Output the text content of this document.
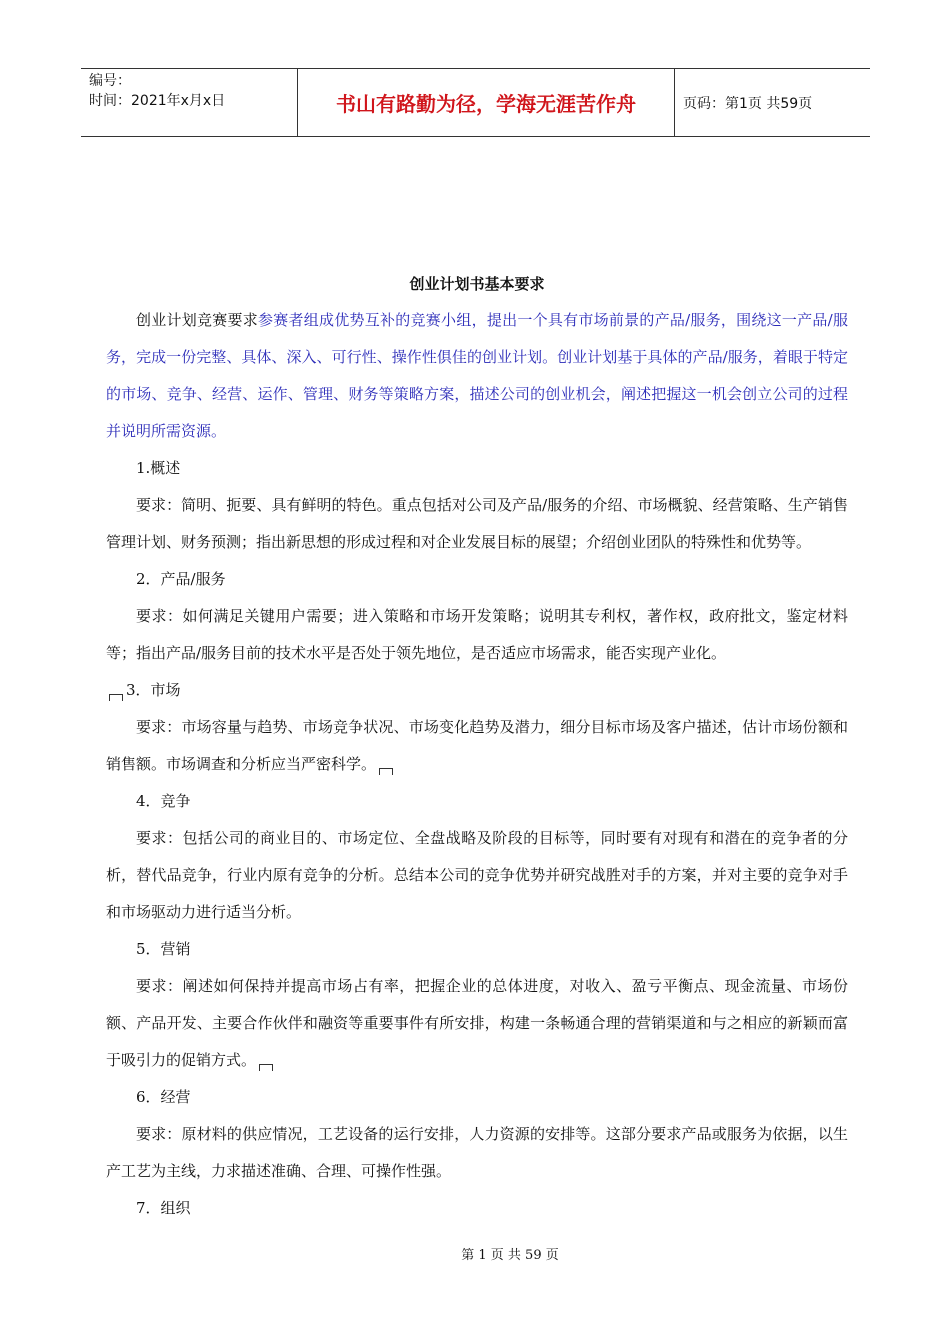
编号：
时间：2021年x月x日	书山有路勤为径，学海无涯苦作舟	页码：第1页 共59页
创业计划书基本要求

创业计划竞赛要求参赛者组成优势互补的竞赛小组，提出一个具有市场前景的产品/服务，围绕这一产品/服务，完成一份完整、具体、深入、可行性、操作性俱佳的创业计划。创业计划基于具体的产品/服务，着眼于特定的市场、竞争、经营、运作、管理、财务等策略方案，描述公司的创业机会，阐述把握这一机会创立公司的过程并说明所需资源。

1.概述

要求：简明、扼要、具有鲜明的特色。重点包括对公司及产品/服务的介绍、市场概貌、经营策略、生产销售管理计划、财务预测；指出新思想的形成过程和对企业发展目标的展望；介绍创业团队的特殊性和优势等。

2．产品/服务

要求：如何满足关键用户需要；进入策略和市场开发策略；说明其专利权，著作权，政府批文，鉴定材料等；指出产品/服务目前的技术水平是否处于领先地位，是否适应市场需求，能否实现产业化。

3．市场

要求：市场容量与趋势、市场竞争状况、市场变化趋势及潜力，细分目标市场及客户描述，估计市场份额和销售额。市场调查和分析应当严密科学。

4．竞争

要求：包括公司的商业目的、市场定位、全盘战略及阶段的目标等，同时要有对现有和潜在的竞争者的分析，替代品竞争，行业内原有竞争的分析。总结本公司的竞争优势并研究战胜对手的方案，并对主要的竞争对手和市场驱动力进行适当分析。

5．营销

要求：阐述如何保持并提高市场占有率，把握企业的总体进度，对收入、盈亏平衡点、现金流量、市场份额、产品开发、主要合作伙伴和融资等重要事件有所安排，构建一条畅通合理的营销渠道和与之相应的新颖而富于吸引力的促销方式。

6．经营

要求：原材料的供应情况，工艺设备的运行安排，人力资源的安排等。这部分要求产品或服务为依据，以生产工艺为主线，力求描述准确、合理、可操作性强。

7．组织

第 1 页 共 59 页
